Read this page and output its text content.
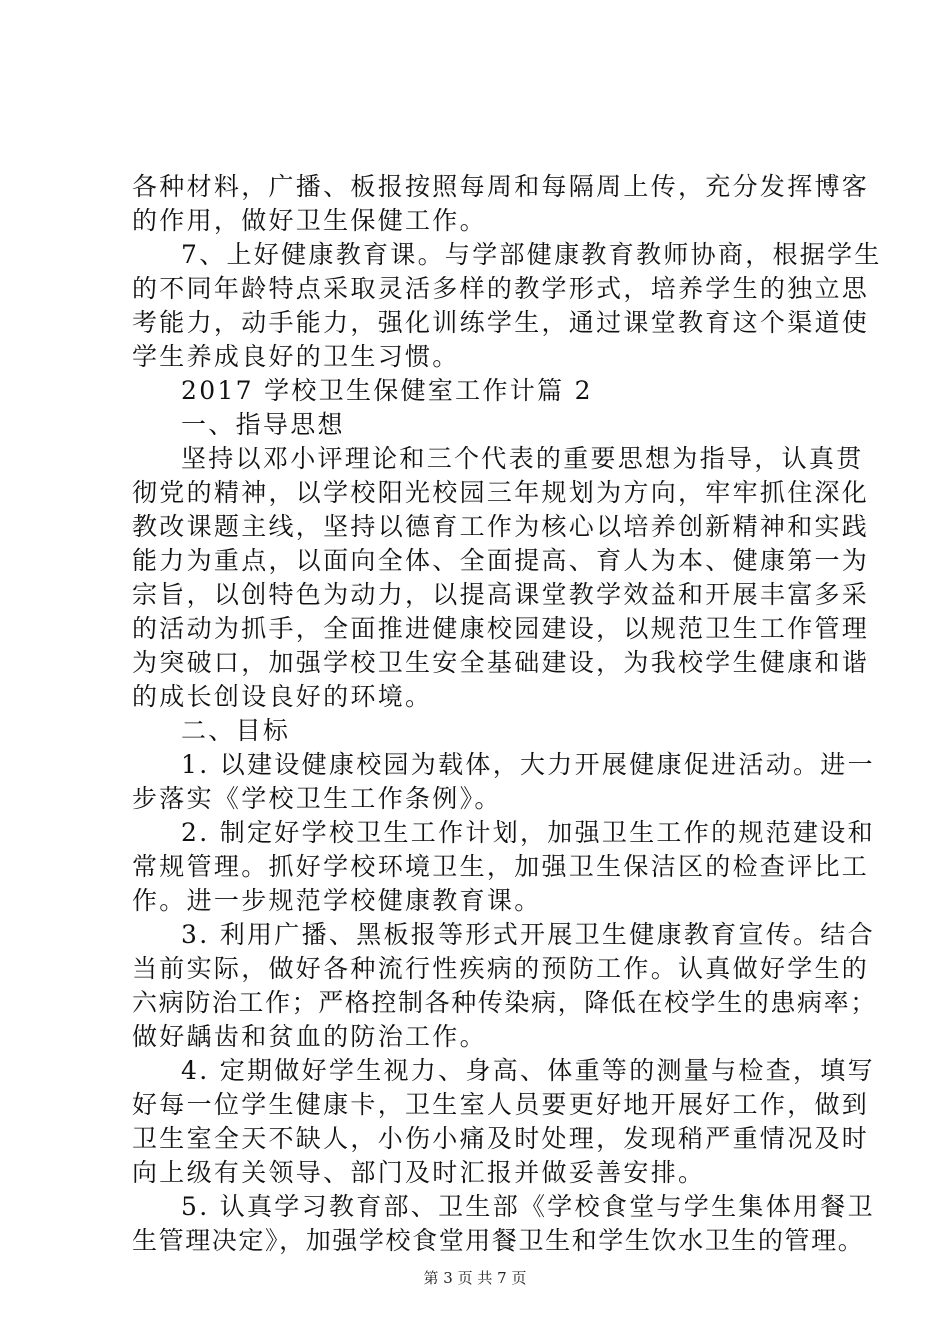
各种材料，广播、板报按照每周和每隔周上传，充分发挥博客
的作用，做好卫生保健工作。
7、上好健康教育课。与学部健康教育教师协商，根据学生
的不同年龄特点采取灵活多样的教学形式，培养学生的独立思
考能力，动手能力，强化训练学生，通过课堂教育这个渠道使
学生养成良好的卫生习惯。
2017 学校卫生保健室工作计篇 2
一、指导思想
坚持以邓小评理论和三个代表的重要思想为指导，认真贯
彻党的精神，以学校阳光校园三年规划为方向，牢牢抓住深化
教改课题主线，坚持以德育工作为核心以培养创新精神和实践
能力为重点，以面向全体、全面提高、育人为本、健康第一为
宗旨，以创特色为动力，以提高课堂教学效益和开展丰富多采
的活动为抓手，全面推进健康校园建设，以规范卫生工作管理
为突破口，加强学校卫生安全基础建设，为我校学生健康和谐
的成长创设良好的环境。
二、目标
1. 以建设健康校园为载体，大力开展健康促进活动。进一
步落实《学校卫生工作条例》。
2. 制定好学校卫生工作计划，加强卫生工作的规范建设和
常规管理。抓好学校环境卫生，加强卫生保洁区的检查评比工
作。进一步规范学校健康教育课。
3. 利用广播、黑板报等形式开展卫生健康教育宣传。结合
当前实际，做好各种流行性疾病的预防工作。认真做好学生的
六病防治工作；严格控制各种传染病，降低在校学生的患病率；
做好龋齿和贫血的防治工作。
4. 定期做好学生视力、身高、体重等的测量与检查，填写
好每一位学生健康卡，卫生室人员要更好地开展好工作，做到
卫生室全天不缺人，小伤小痛及时处理，发现稍严重情况及时
向上级有关领导、部门及时汇报并做妥善安排。
5. 认真学习教育部、卫生部《学校食堂与学生集体用餐卫
生管理决定》，加强学校食堂用餐卫生和学生饮水卫生的管理。
第 3 页 共 7 页
